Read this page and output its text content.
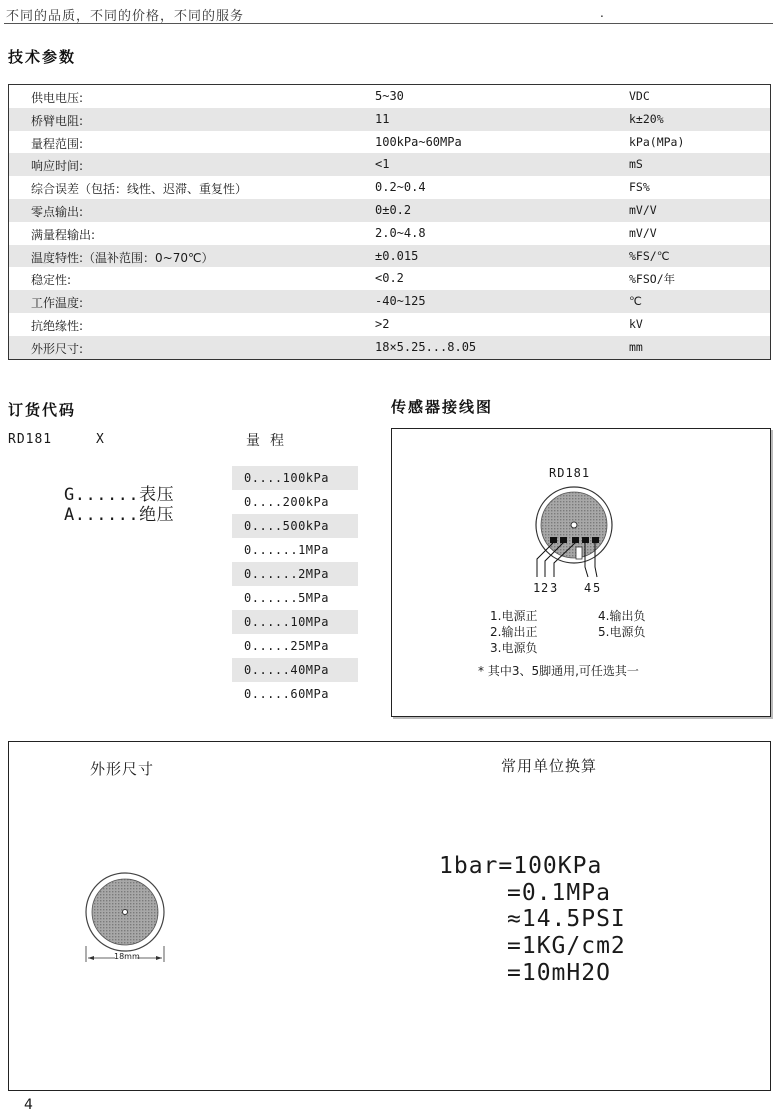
不同的品质，不同的价格，不同的服务	.
技术参数
供电电压:	5~30	VDC
桥臂电阻:	11	k±20%
量程范围:	100kPa~60MPa	kPa(MPa)
响应时间:	<1	mS
综合误差（包括：线性、迟滞、重复性）	0.2~0.4	FS%
零点输出:	0±0.2	mV/V
满量程输出:	2.0~4.8	mV/V
温度特性:（温补范围：0~70℃）	±0.015	%FS/℃
稳定性:	<0.2	%FSO/年
工作温度:	-40~125	℃
抗绝缘性:	>2	kV
外形尺寸:	18×5.25...8.05	mm
订货代码
RD181	X	量程
G......表压
A......绝压
0....100kPa
0....200kPa
0....500kPa
0......1MPa
0......2MPa
0......5MPa
0.....10MPa
0.....25MPa
0.....40MPa
0.....60MPa
传感器接线图
RD181
1 2 3 4 5
1.电源正
2.输出正
3.电源负
4.输出负
5.电源负
* 其中3、5脚通用,可任选其一
外形尺寸	常用单位换算
18mm
1bar=100KPa
=0.1MPa
≈14.5PSI
=1KG/cm2
=10mH2O
4
